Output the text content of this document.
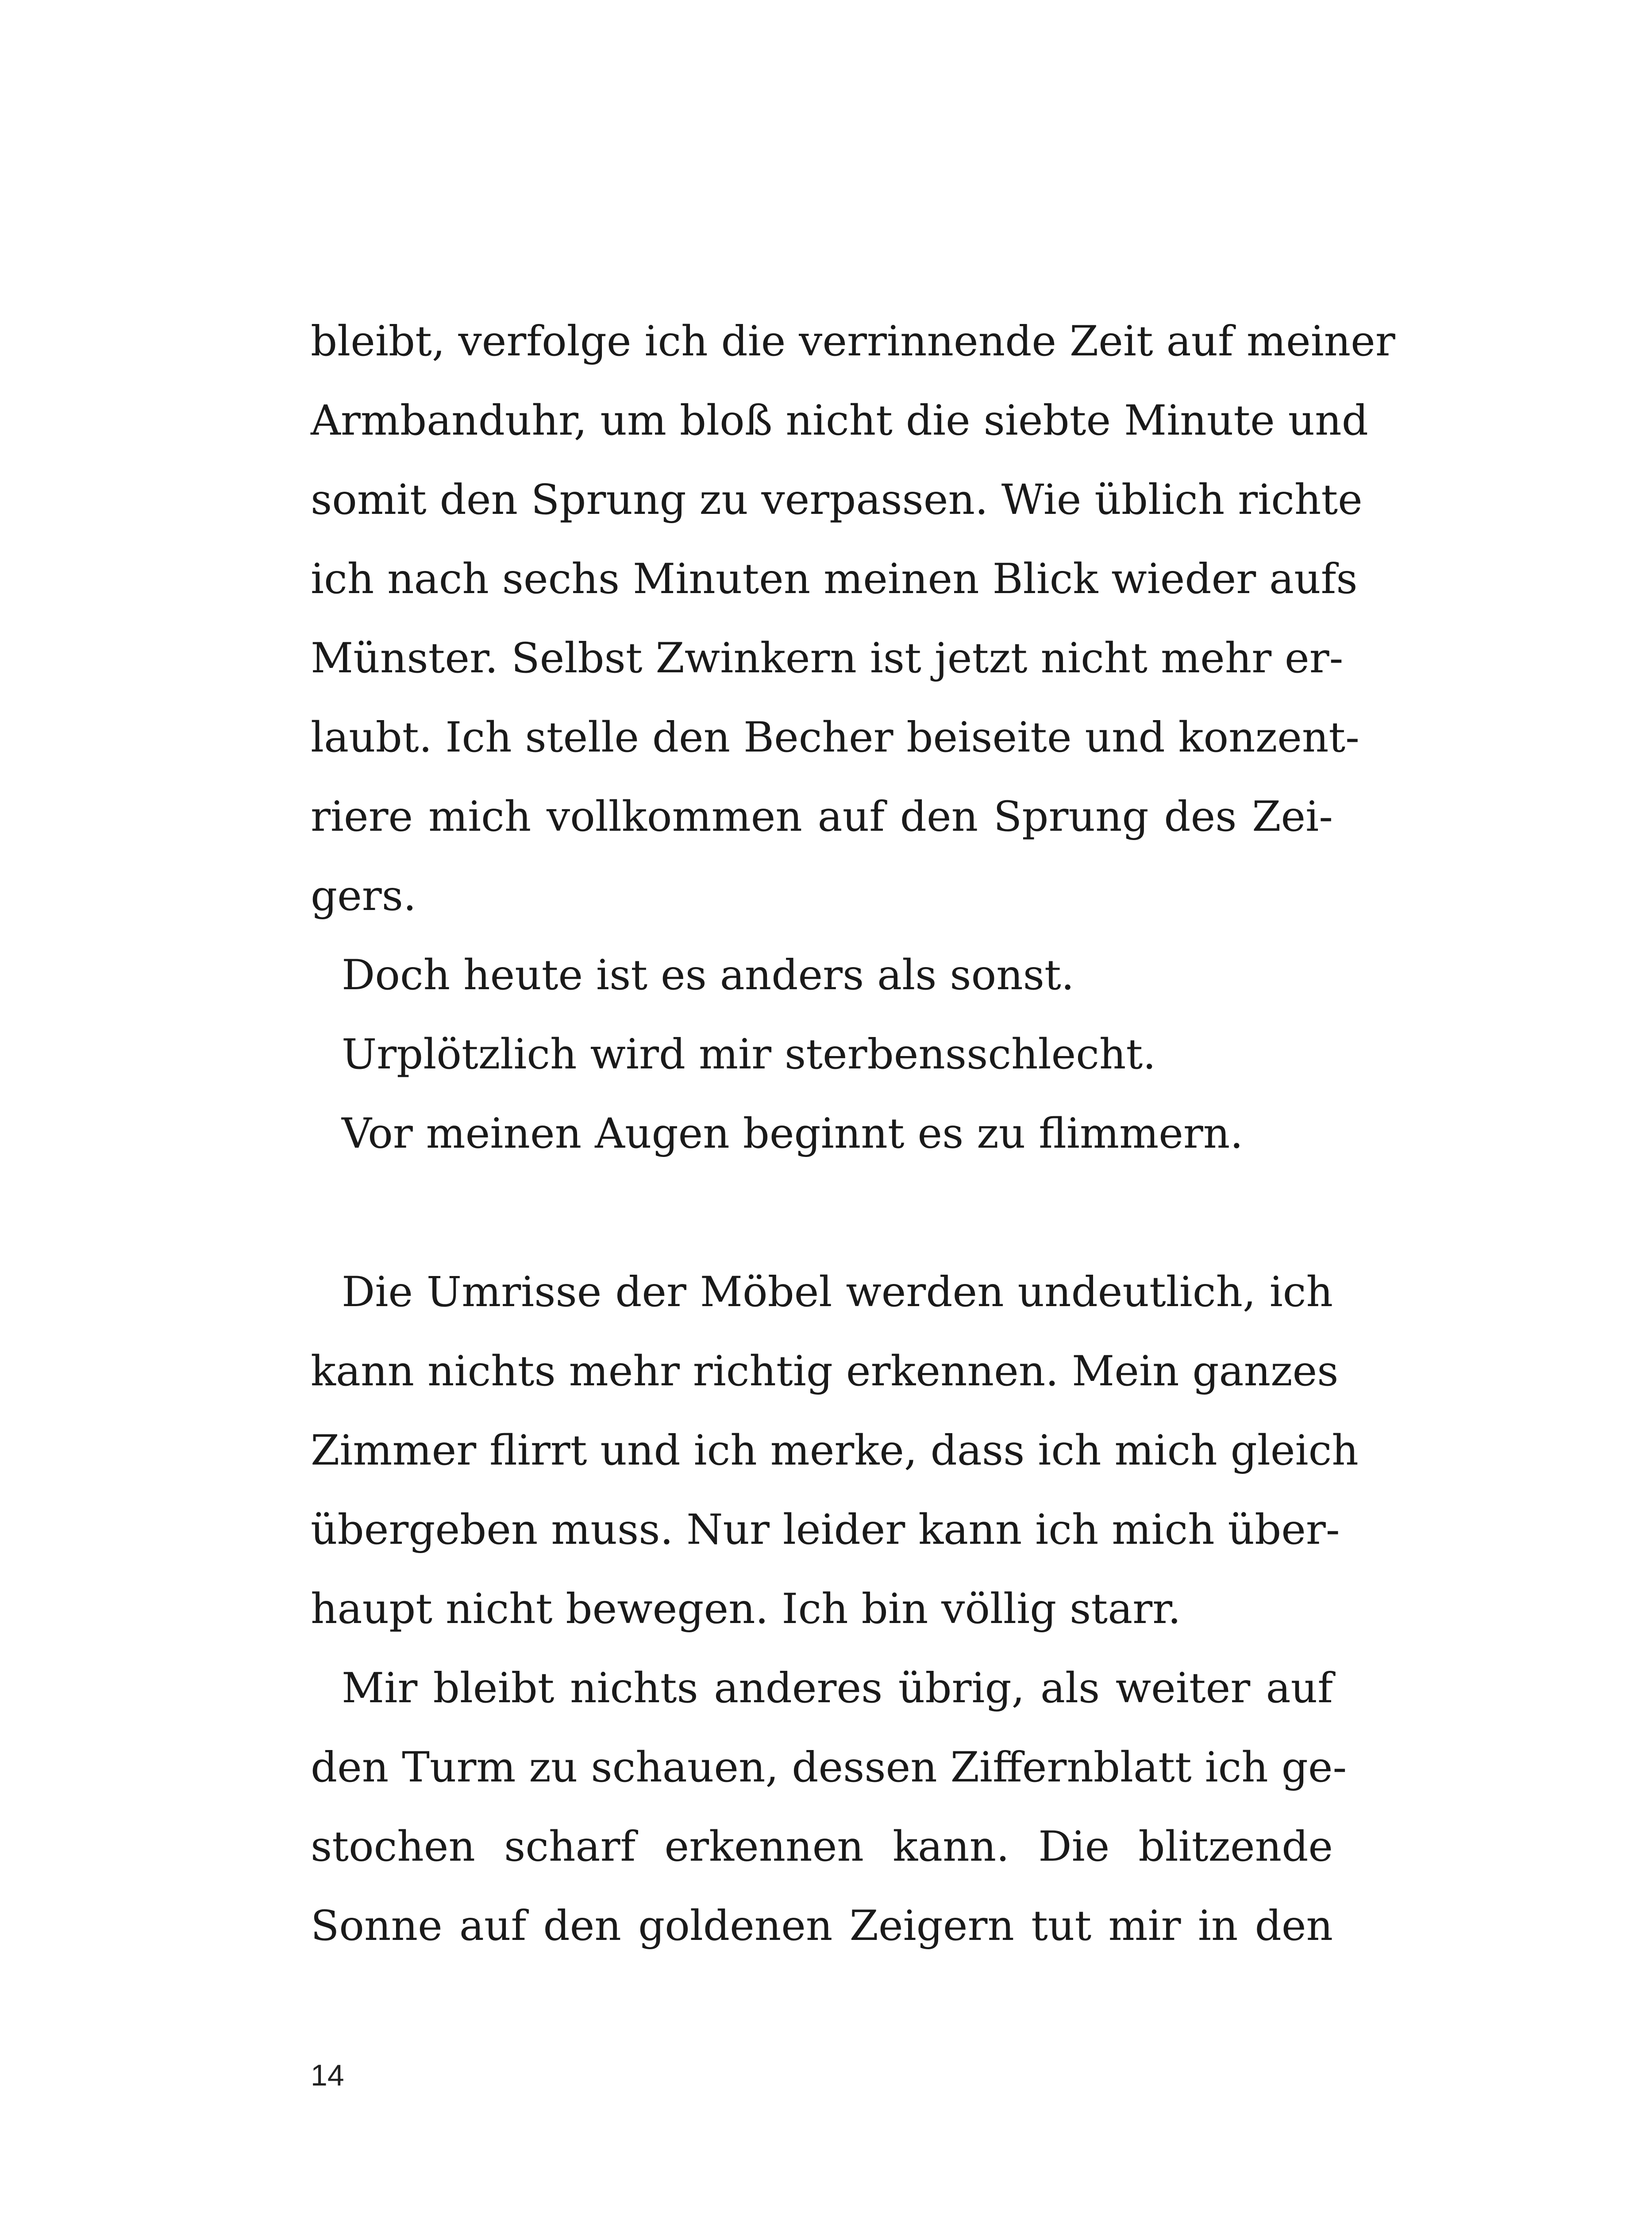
bleibt, verfolge ich die verrinnende Zeit auf meiner
Armbanduhr, um bloß nicht die siebte Minute und
somit den Sprung zu verpassen. Wie üblich richte
ich nach sechs Minuten meinen Blick wieder aufs
Münster. Selbst Zwinkern ist jetzt nicht mehr er-
laubt. Ich stelle den Becher beiseite und konzent-
riere mich vollkommen auf den Sprung des Zei-
gers.
Doch heute ist es anders als sonst.
Urplötzlich wird mir sterbensschlecht.
Vor meinen Augen beginnt es zu flimmern.
Die Umrisse der Möbel werden undeutlich, ich
kann nichts mehr richtig erkennen. Mein ganzes
Zimmer flirrt und ich merke, dass ich mich gleich
übergeben muss. Nur leider kann ich mich über-
haupt nicht bewegen. Ich bin völlig starr.
Mir bleibt nichts anderes übrig, als weiter auf
den Turm zu schauen, dessen Ziffernblatt ich ge-
stochen scharf erkennen kann. Die blitzende
Sonne auf den goldenen Zeigern tut mir in den
14
